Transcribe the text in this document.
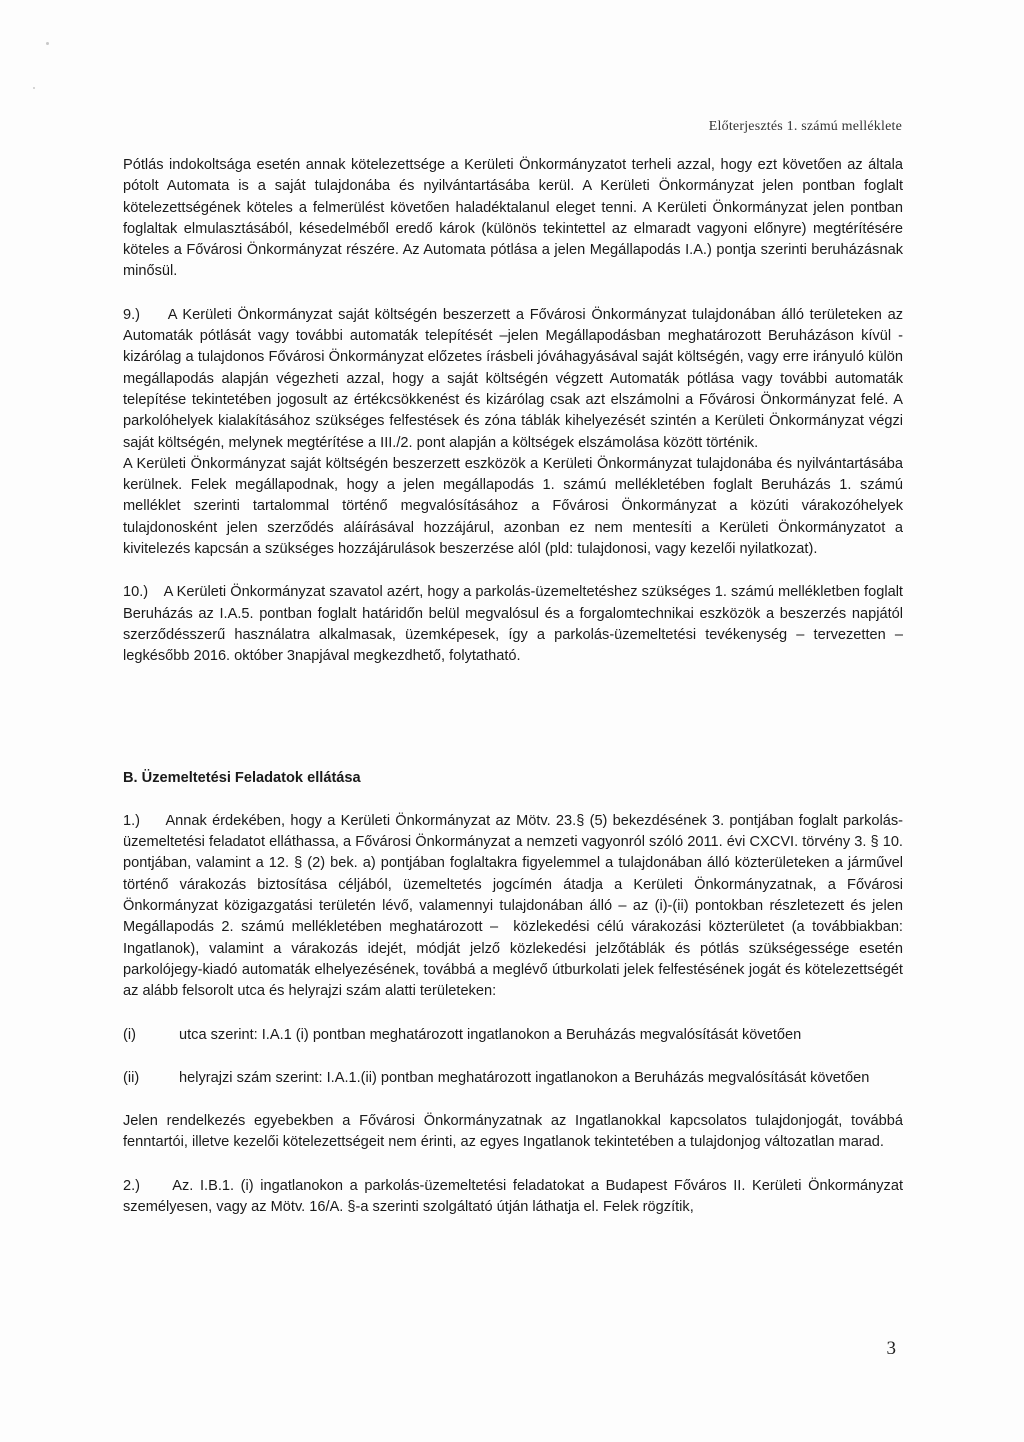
Előterjesztés 1. számú melléklete

Pótlás indokoltsága esetén annak kötelezettsége a Kerületi Önkormányzatot terheli azzal, hogy ezt követően az általa pótolt Automata is a saját tulajdonába és nyilvántartásába kerül. A Kerületi Önkormányzat jelen pontban foglalt kötelezettségének köteles a felmerülést követően haladéktalanul eleget tenni. A Kerületi Önkormányzat jelen pontban foglaltak elmulasztásából, késedelméből eredő károk (különös tekintettel az elmaradt vagyoni előnyre) megtérítésére köteles a Fővárosi Önkormányzat részére. Az Automata pótlása a jelen Megállapodás I.A.) pontja szerinti beruházásnak minősül.

9.)     A Kerületi Önkormányzat saját költségén beszerzett a Fővárosi Önkormányzat tulajdonában álló területeken az Automaták pótlását vagy további automaták telepítését –jelen Megállapodásban meghatározott Beruházáson kívül - kizárólag a tulajdonos Fővárosi Önkormányzat előzetes írásbeli jóváhagyásával saját költségén, vagy erre irányuló külön megállapodás alapján végezheti azzal, hogy a saját költségén végzett Automaták pótlása vagy további automaták telepítése tekintetében jogosult az értékcsökkenést és kizárólag csak azt elszámolni a Fővárosi Önkormányzat felé. A parkolóhelyek kialakításához szükséges felfestések és zóna táblák kihelyezését szintén a Kerületi Önkormányzat végzi saját költségén, melynek megtérítése a III./2. pont alapján a költségek elszámolása között történik.

A Kerületi Önkormányzat saját költségén beszerzett eszközök a Kerületi Önkormányzat tulajdonába és nyilvántartásába kerülnek. Felek megállapodnak, hogy a jelen megállapodás 1. számú mellékletében foglalt Beruházás 1. számú melléklet szerinti tartalommal történő megvalósításához a Fővárosi Önkormányzat a közúti várakozóhelyek tulajdonosként jelen szerződés aláírásával hozzájárul, azonban ez nem mentesíti a Kerületi Önkormányzatot a kivitelezés kapcsán a szükséges hozzájárulások beszerzése alól (pld: tulajdonosi, vagy kezelői nyilatkozat).

10.)    A Kerületi Önkormányzat szavatol azért, hogy a parkolás-üzemeltetéshez szükséges 1. számú mellékletben foglalt Beruházás az I.A.5. pontban foglalt határidőn belül megvalósul és a forgalomtechnikai eszközök a beszerzés napjától szerződésszerű használatra alkalmasak, üzemképesek, így a parkolás-üzemeltetési tevékenység – tervezetten – legkésőbb 2016. október 3napjával megkezdhető, folytatható.

B. Üzemeltetési Feladatok ellátása

1.)     Annak érdekében, hogy a Kerületi Önkormányzat az Mötv. 23.§ (5) bekezdésének 3. pontjában foglalt parkolás-üzemeltetési feladatot elláthassa, a Fővárosi Önkormányzat a nemzeti vagyonról szóló 2011. évi CXCVI. törvény 3. § 10. pontjában, valamint a 12. § (2) bek. a) pontjában foglaltakra figyelemmel a tulajdonában álló közterületeken a járművel történő várakozás biztosítása céljából, üzemeltetés jogcímén átadja a Kerületi Önkormányzatnak, a Fővárosi Önkormányzat közigazgatási területén lévő, valamennyi tulajdonában álló – az (i)-(ii) pontokban részletezett és jelen Megállapodás 2. számú mellékletében meghatározott –  közlekedési célú várakozási közterületet (a továbbiakban: Ingatlanok), valamint a várakozás idejét, módját jelző közlekedési jelzőtáblák és pótlás szükségessége esetén parkolójegy-kiadó automaták elhelyezésének, továbbá a meglévő útburkolati jelek felfestésének jogát és kötelezettségét az alább felsorolt utca és helyrajzi szám alatti területeken:

(i)	utca szerint: I.A.1 (i) pontban meghatározott ingatlanokon a Beruházás megvalósítását követően
(ii)	helyrajzi szám szerint: I.A.1.(ii) pontban meghatározott ingatlanokon a Beruházás megvalósítását követően

Jelen rendelkezés egyebekben a Fővárosi Önkormányzatnak az Ingatlanokkal kapcsolatos tulajdonjogát, továbbá fenntartói, illetve kezelői kötelezettségeit nem érinti, az egyes Ingatlanok tekintetében a tulajdonjog változatlan marad.

2.)     Az. I.B.1. (i) ingatlanokon a parkolás-üzemeltetési feladatokat a Budapest Főváros II. Kerületi Önkormányzat személyesen, vagy az Mötv. 16/A. §-a szerinti szolgáltató útján láthatja el. Felek rögzítik,

3
